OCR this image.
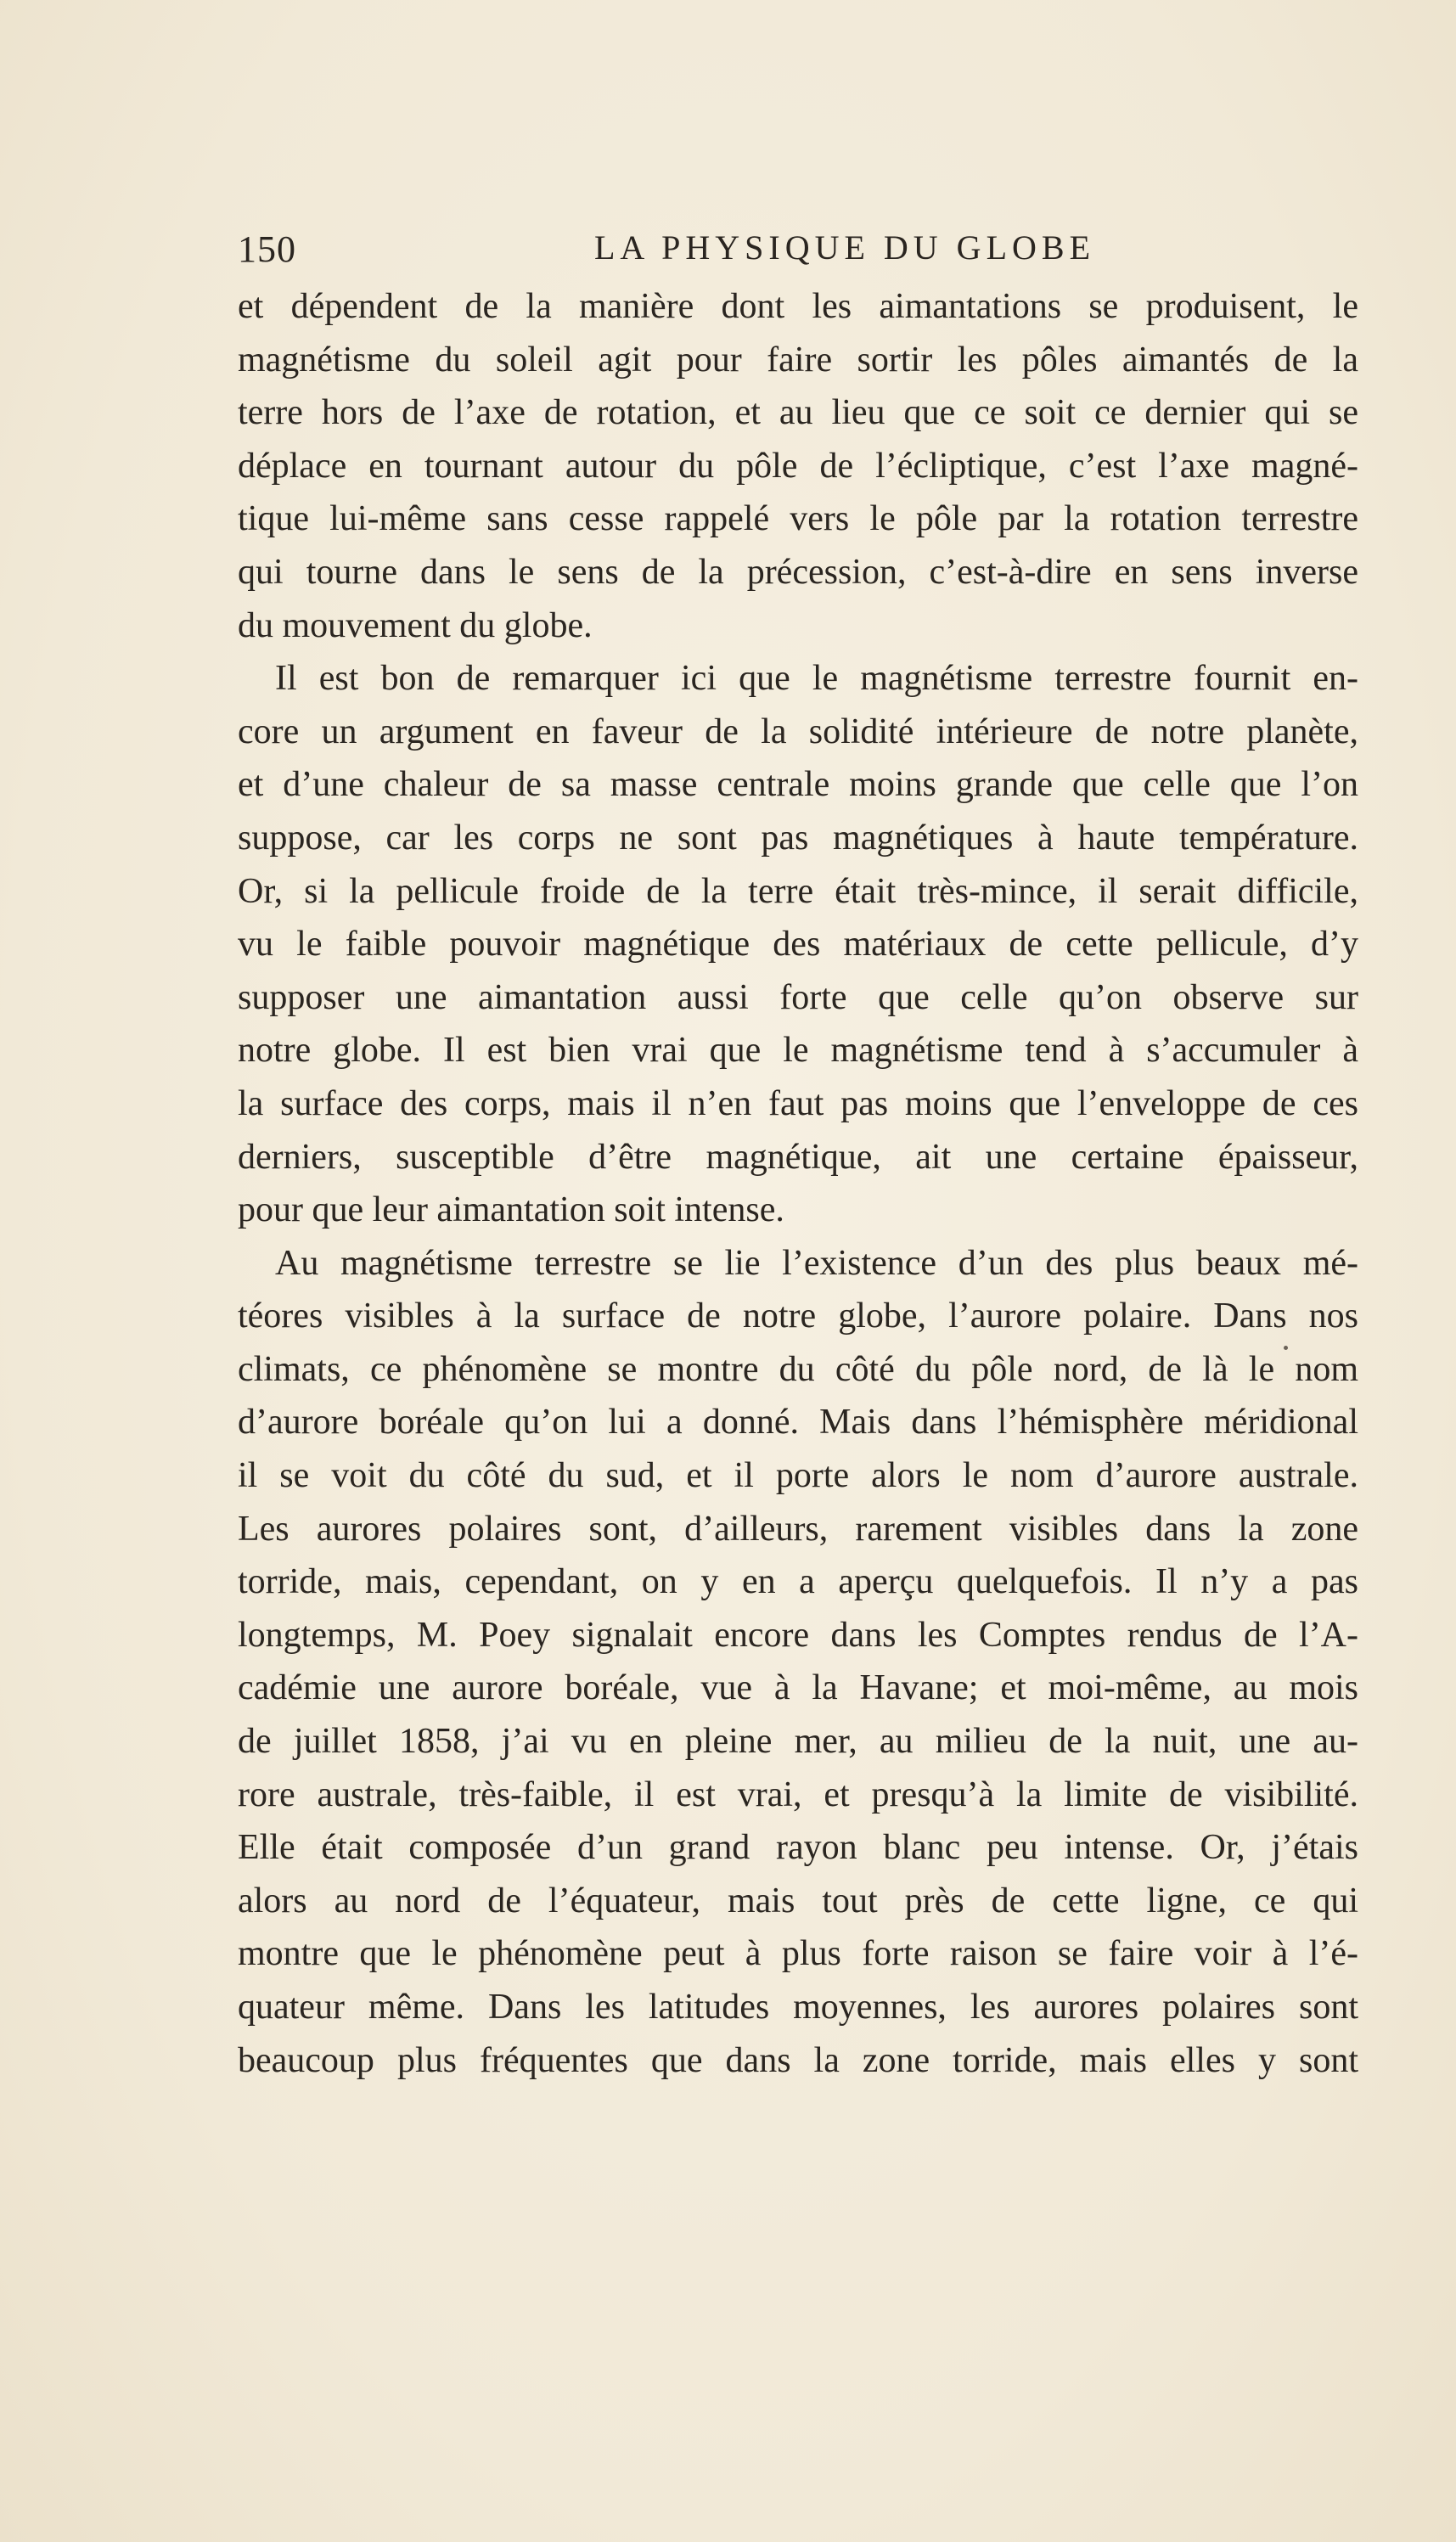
150	LA PHYSIQUE DU GLOBE
et dépendent de la manière dont les aimantations se produisent, le
magnétisme du soleil agit pour faire sortir les pôles aimantés de la
terre hors de l’axe de rotation, et au lieu que ce soit ce dernier qui se
déplace en tournant autour du pôle de l’écliptique, c’est l’axe magné-
tique lui-même sans cesse rappelé vers le pôle par la rotation terrestre
qui tourne dans le sens de la précession, c’est-à-dire en sens inverse
du mouvement du globe.
Il est bon de remarquer ici que le magnétisme terrestre fournit en-
core un argument en faveur de la solidité intérieure de notre planète,
et d’une chaleur de sa masse centrale moins grande que celle que l’on
suppose, car les corps ne sont pas magnétiques à haute température.
Or, si la pellicule froide de la terre était très-mince, il serait difficile,
vu le faible pouvoir magnétique des matériaux de cette pellicule, d’y
supposer une aimantation aussi forte que celle qu’on observe sur
notre globe. Il est bien vrai que le magnétisme tend à s’accumuler à
la surface des corps, mais il n’en faut pas moins que l’enveloppe de ces
derniers, susceptible d’être magnétique, ait une certaine épaisseur,
pour que leur aimantation soit intense.
Au magnétisme terrestre se lie l’existence d’un des plus beaux mé-
téores visibles à la surface de notre globe, l’aurore polaire. Dans nos
climats, ce phénomène se montre du côté du pôle nord, de là le nom
d’aurore boréale qu’on lui a donné. Mais dans l’hémisphère méridional
il se voit du côté du sud, et il porte alors le nom d’aurore australe.
Les aurores polaires sont, d’ailleurs, rarement visibles dans la zone
torride, mais, cependant, on y en a aperçu quelquefois. Il n’y a pas
longtemps, M. Poey signalait encore dans les Comptes rendus de l’A-
cadémie une aurore boréale, vue à la Havane; et moi-même, au mois
de juillet 1858, j’ai vu en pleine mer, au milieu de la nuit, une au-
rore australe, très-faible, il est vrai, et presqu’à la limite de visibilité.
Elle était composée d’un grand rayon blanc peu intense. Or, j’étais
alors au nord de l’équateur, mais tout près de cette ligne, ce qui
montre que le phénomène peut à plus forte raison se faire voir à l’é-
quateur même. Dans les latitudes moyennes, les aurores polaires sont
beaucoup plus fréquentes que dans la zone torride, mais elles y sont
